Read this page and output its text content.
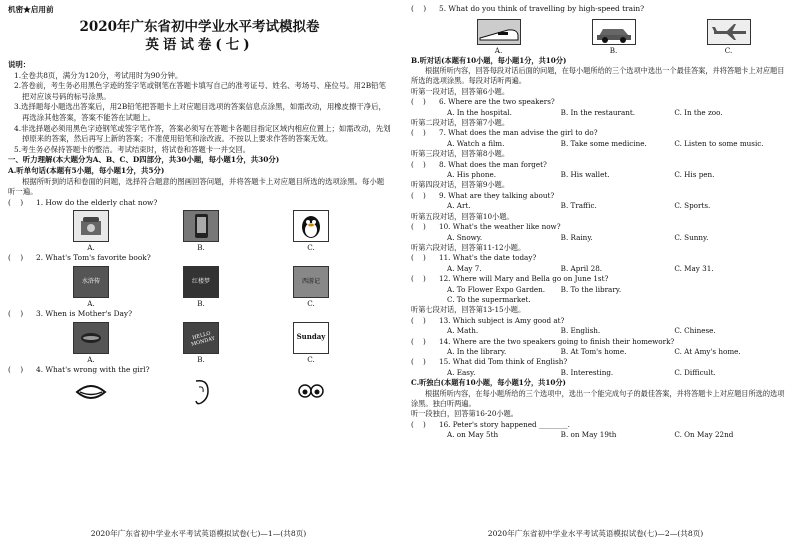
机密★启用前
2020年广东省初中学业水平考试模拟卷
英语试卷(七)
说明：
1.全卷共8页，满分为120分，考试用时为90分钟。
2.答卷前，考生务必用黑色字迹的签字笔或钢笔在答题卡填写自己的准考证号、姓名、考场号、座位号。用2B铅笔把对应该号码的标号涂黑。
3.选择题每小题选出答案后，用2B铅笔把答题卡上对应题目选项的答案信息点涂黑，如需改动，用橡皮擦干净后，再选涂其他答案，答案不能答在试题上。
4.非选择题必须用黑色字迹钢笔或签字笔作答，答案必须写在答题卡各题目指定区域内相应位置上；如需改动，先划掉原来的答案，然后再写上新的答案；不准使用铅笔和涂改液。不按以上要求作答的答案无效。
5.考生务必保持答题卡的整洁。考试结束时，将试卷和答题卡一并交回。
一、听力理解(本大题分为A、B、C、D四部分，共30小题，每小题1分，共30分)
A.听单句话(本题有5小题，每小题1分，共5分)
根据所听到的话和卷面的问题，选择符合题意的图画回答问题，并将答题卡上对应题目所选的选项涂黑。每小题听一遍。
( )	1. How do the elderly chat now?
A.	B.	C.
( )	2. What's Tom's favorite book?
水浒传
A.
红楼梦
B.
西游记
C.
( )	3. When is Mother's Day?
A.
HELLO MONDAY
B.
Sunday
C.
( )	4. What's wrong with the girl?
2020年广东省初中学业水平考试英语模拟试卷(七)—1—(共8页)
( )	5. What do you think of travelling by high-speed train?
A.	B.	C.
B.听对话(本题有10小题，每小题1分，共10分)
根据所听内容，回答每段对话后面的问题，在每小题所给的三个选项中选出一个最佳答案，并将答题卡上对应题目所选的选项涂黑。每段对话听两遍。
听第一段对话，回答第6小题。
(    )	6. Where are the two speakers?
A. In the hospital.	B. In the restaurant.	C. In the zoo.
听第二段对话，回答第7小题。
(    )	7. What does the man advise the girl to do?
A. Watch a film.	B. Take some medicine.	C. Listen to some music.
听第三段对话，回答第8小题。
(    )	8. What does the man forget?
A. His phone.	B. His wallet.	C. His pen.
听第四段对话，回答第9小题。
(    )	9. What are they talking about?
A. Art.	B. Traffic.	C. Sports.
听第五段对话，回答第10小题。
(    )	10. What's the weather like now?
A. Snowy.	B. Rainy.	C. Sunny.
听第六段对话，回答第11-12小题。
(    )	11. What's the date today?
A. May 7.	B. April 28.	C. May 31.
(    )	12. Where will Mary and Bella go on June 1st?
A. To Flower Expo Garden.	B. To the library.
C. To the supermarket.
听第七段对话，回答第13-15小题。
(    )	13. Which subject is Amy good at?
A. Math.	B. English.	C. Chinese.
(    )	14. Where are the two speakers going to finish their homework?
A. In the library.	B. At Tom's home.	C. At Amy's home.
(    )	15. What did Tom think of English?
A. Easy.	B. Interesting.	C. Difficult.
C.听独白(本题有10小题，每小题1分，共10分)
根据所听内容，在每小题所给的三个选项中，选出一个能完成句子的最佳答案，并将答题卡上对应题目所选的选项涂黑。独白听两遍。
听一段独白，回答第16-20小题。
(    )	16. Peter's story happened ________.
A. on May 5th	B. on May 19th	C. On May 22nd
2020年广东省初中学业水平考试英语模拟试卷(七)—2—(共8页)
